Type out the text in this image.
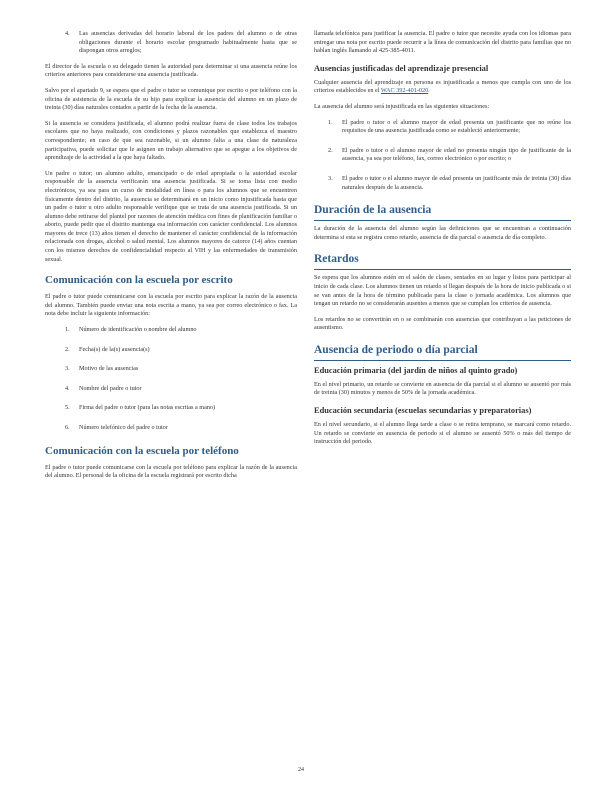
4.	Las ausencias derivadas del horario laboral de los padres del alumno o de otras obligaciones durante el horario escolar programado habitualmente hasta que se dispongan otros arreglos;

El director de la escuela o su delegado tienen la autoridad para determinar si una ausencia reúne los criterios anteriores para considerarse una ausencia justificada.

Salvo por el apartado 9, se espera que el padre o tutor se comunique por escrito o por teléfono con la oficina de asistencia de la escuela de su hijo para explicar la ausencia del alumno en un plazo de treinta (30) días naturales contados a partir de la fecha de la ausencia.

Si la ausencia se considera justificada, el alumno podrá realizar fuera de clase todos los trabajos escolares que no haya realizado, con condiciones y plazos razonables que establezca el maestro correspondiente; en caso de que sea razonable, si un alumno falta a una clase de naturaleza participativa, puede solicitar que le asignen un trabajo alternativo que se apegue a los objetivos de aprendizaje de la actividad a la que haya faltado.

Un padre o tutor; un alumno adulto, emancipado o de edad apropiada o la autoridad escolar responsable de la ausencia verificarán una ausencia justificada. Si se toma lista con medio electrónicos, ya sea para un curso de modalidad en línea o para los alumnos que se encuentren físicamente dentro del distrito, la ausencia se determinará en un inicio como injustificada hasta que un padre o tutor u otro adulto responsable verifique que se trata de una ausencia justificada. Si un alumno debe retirarse del plantel por razones de atención médica con fines de planificación familiar o aborto, puede pedir que el distrito mantenga esa información con carácter confidencial. Los alumnos mayores de trece (13) años tienen el derecho de mantener el carácter confidencial de la información relacionada con drogas, alcohol o salud mental. Los alumnos mayores de catorce (14) años cuentan con los mismos derechos de confidencialidad respecto al VIH y las enfermedades de transmisión sexual.

Comunicación con la escuela por escrito

El padre o tutor puede comunicarse con la escuela por escrito para explicar la razón de la ausencia del alumno. También puede enviar una nota escrita a mano, ya sea por correo electrónico o fax. La nota debe incluir la siguiente información:

1.	Número de identificación o nombre del alumno
2.	Fecha(s) de la(s) ausencia(s)
3.	Motivo de las ausencias
4.	Nombre del padre o tutor
5.	Firma del padre o tutor (para las notas escritas a mano)
6.	Número telefónico del padre o tutor
Comunicación con la escuela por teléfono

El padre o tutor puede comunicarse con la escuela por teléfono para explicar la razón de la ausencia del alumno. El personal de la oficina de la escuela registrará por escrito dicha

llamada telefónica para justificar la ausencia. El padre o tutor que necesite ayuda con los idiomas para entregar una nota por escrito puede recurrir a la línea de comunicación del distrito para familias que no hablan inglés llamando al 425-385-4011.

Ausencias justificadas del aprendizaje presencial

Cualquier ausencia del aprendizaje en persona es injustificada a menos que cumpla con uno de los criterios establecidos en el WAC 392-401-020.

La ausencia del alumno será injustificada en las siguientes situaciones:

1.	El padre o tutor o el alumno mayor de edad presenta un justificante que no reúne los requisitos de una ausencia justificada como se estableció anteriormente;
2.	El padre o tutor o el alumno mayor de edad no presenta ningún tipo de justificante de la ausencia, ya sea por teléfono, fax, correo electrónico o por escrito; o
3.	El padre o tutor o el alumno mayor de edad presenta un justificante más de treinta (30) días naturales después de la ausencia.
Duración de la ausencia

La duración de la ausencia del alumno según las definiciones que se encuentran a continuación determina si esta se registra como retardo, ausencia de día parcial o ausencia de día completo.

Retardos

Se espera que los alumnos estén en el salón de clases, sentados en su lugar y listos para participar al inicio de cada clase. Los alumnos tienen un retardo si llegan después de la hora de inicio publicada o si se van antes de la hora de término publicada para la clase o jornada académica. Los alumnos que tengan un retardo no se considerarán ausentes a menos que se cumplan los criterios de ausencia.

Los retardos no se convertirán en o se combinarán con ausencias que contribuyan a las peticiones de ausentismo.

Ausencia de periodo o día parcial
Educación primaria (del jardín de niños al quinto grado)

En el nivel primario, un retardo se convierte en ausencia de día parcial si el alumno se ausentó por más de treinta (30) minutos y menos de 50% de la jornada académica.

Educación secundaria (escuelas secundarias y preparatorias)

En el nivel secundario, si el alumno llega tarde a clase o se retira temprano, se marcará como retardo. Un retardo se convierte en ausencia de periodo si el alumno se ausentó 50% o más del tiempo de instrucción del periodo.

24
